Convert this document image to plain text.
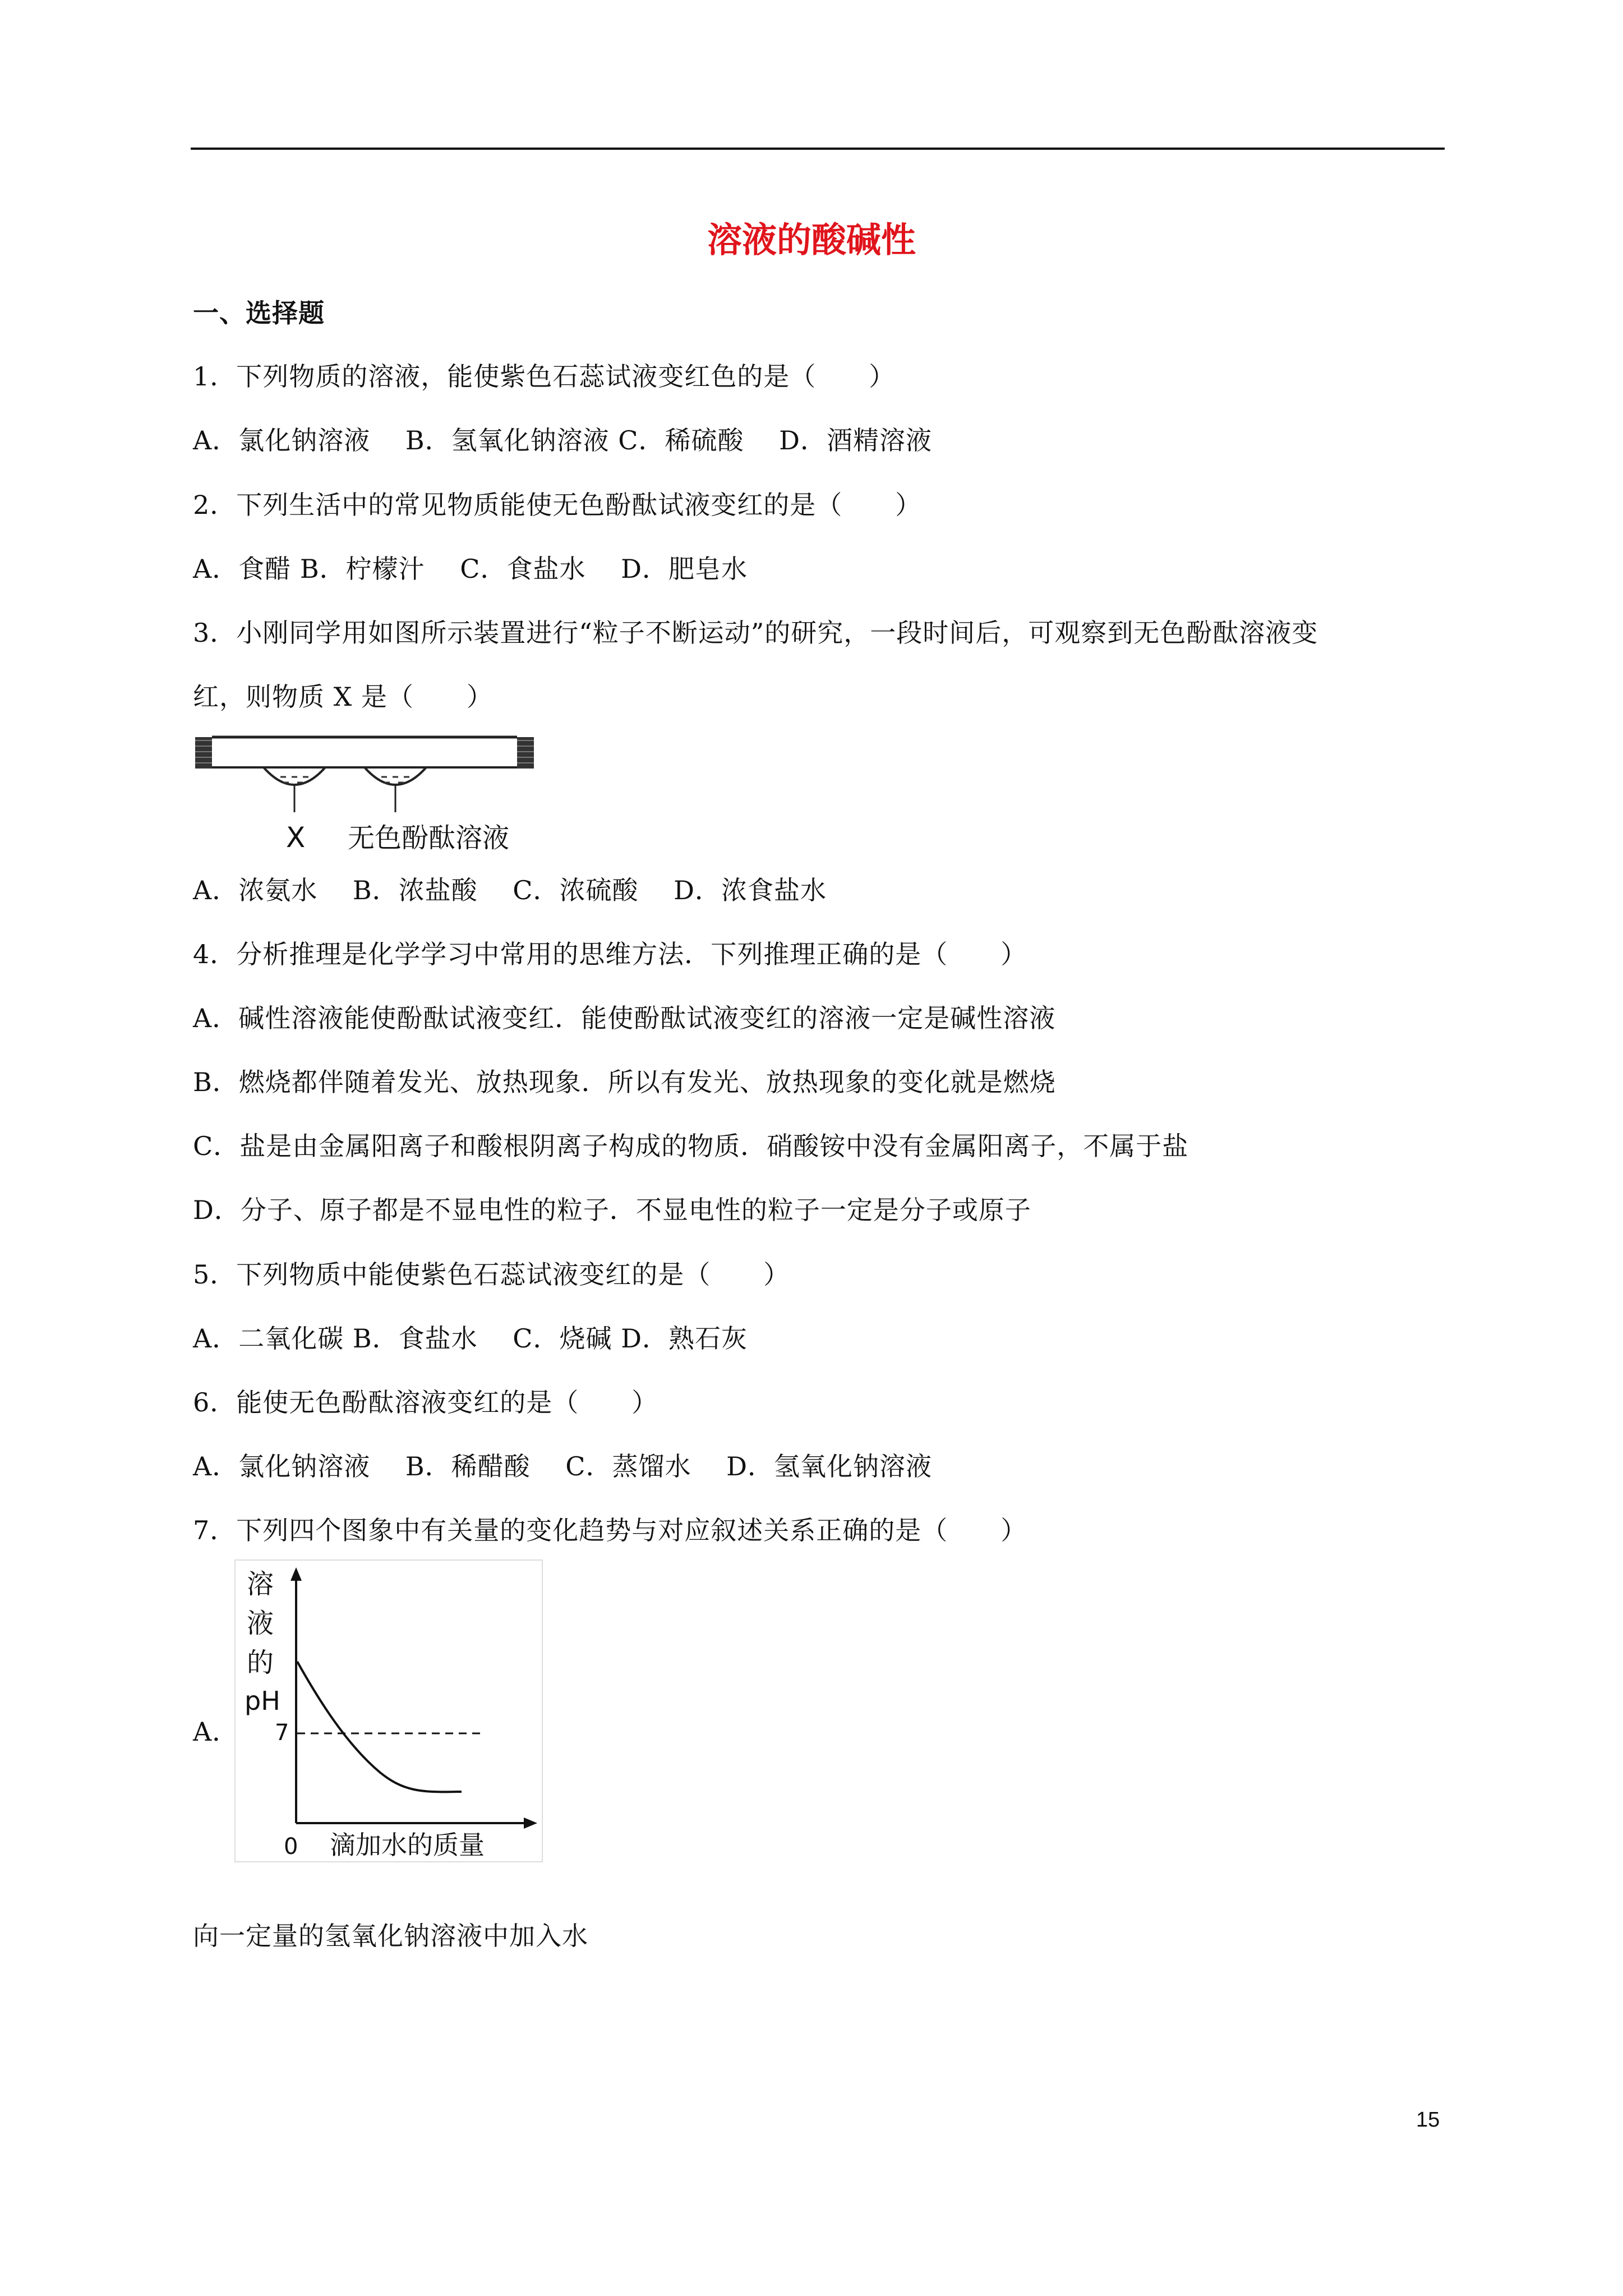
溶液的酸碱性
一、选择题
1．下列物质的溶液，能使紫色石蕊试液变红色的是（　　）
A．氯化钠溶液　 B．氢氧化钠溶液 C．稀硫酸　 D．酒精溶液
2．下列生活中的常见物质能使无色酚酞试液变红的是（　　）
A．食醋 B．柠檬汁　 C．食盐水　 D．肥皂水
3．小刚同学用如图所示装置进行“粒子不断运动”的研究，一段时间后，可观察到无色酚酞溶液变
红，则物质 X 是（　　）
X 无色酚酞溶液
A．浓氨水　 B．浓盐酸　 C．浓硫酸　 D．浓食盐水
4．分析推理是化学学习中常用的思维方法．下列推理正确的是（　　）
A．碱性溶液能使酚酞试液变红．能使酚酞试液变红的溶液一定是碱性溶液
B．燃烧都伴随着发光、放热现象．所以有发光、放热现象的变化就是燃烧
C．盐是由金属阳离子和酸根阴离子构成的物质．硝酸铵中没有金属阳离子，不属于盐
D．分子、原子都是不显电性的粒子．不显电性的粒子一定是分子或原子
5．下列物质中能使紫色石蕊试液变红的是（　　）
A．二氧化碳 B．食盐水　 C．烧碱 D．熟石灰
6．能使无色酚酞溶液变红的是（　　）
A．氯化钠溶液　 B．稀醋酸　 C．蒸馏水　 D．氢氧化钠溶液
7．下列四个图象中有关量的变化趋势与对应叙述关系正确的是（　　）
A．
溶
液
的
pH
7
0 滴加水的质量
向一定量的氢氧化钠溶液中加入水
15
